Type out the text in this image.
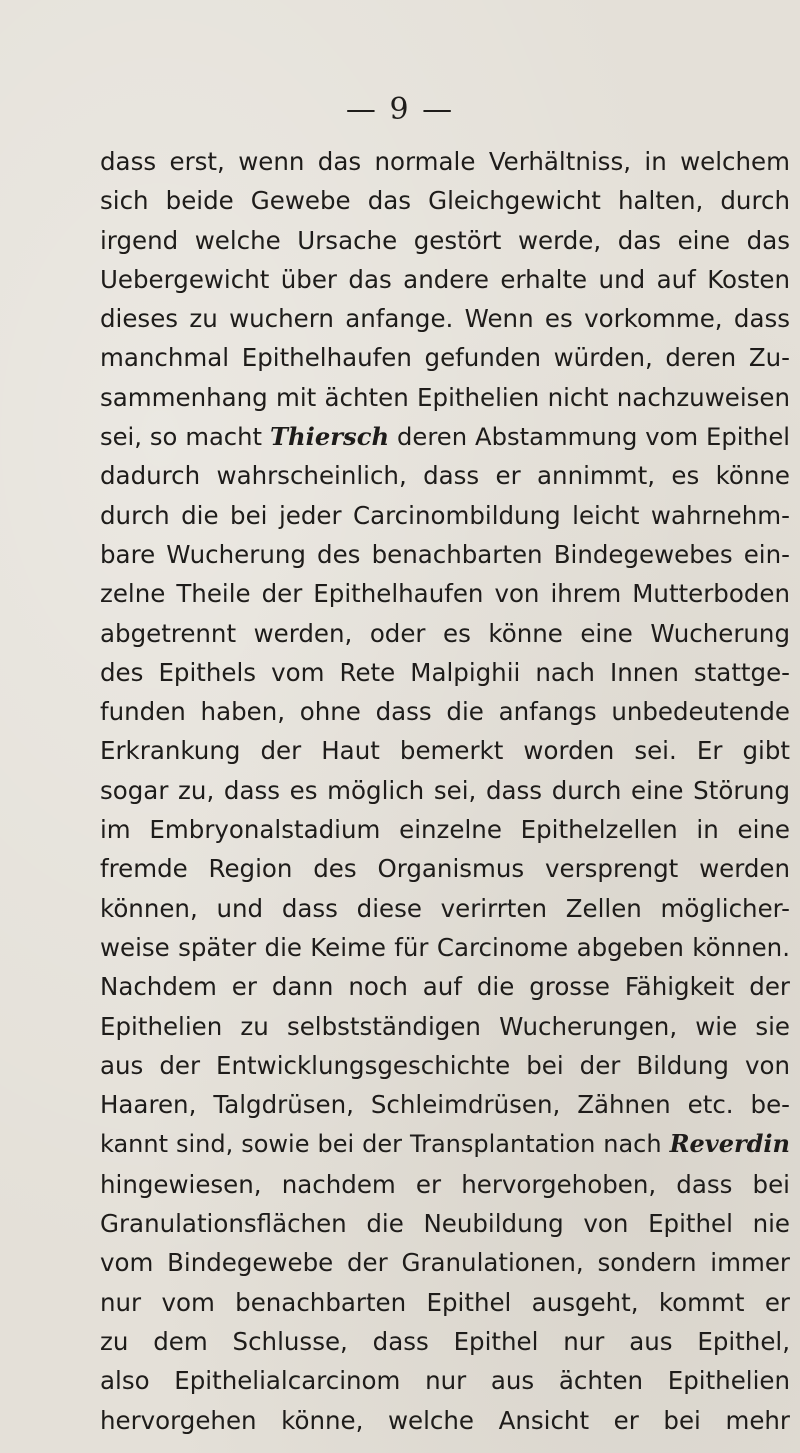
— 9 —
dass erst, wenn das normale Verhältniss, in welchem
sich beide Gewebe das Gleichgewicht halten, durch
irgend welche Ursache gestört werde, das eine das
Uebergewicht über das andere erhalte und auf Kosten
dieses zu wuchern anfange. Wenn es vorkomme, dass
manchmal Epithelhaufen gefunden würden, deren Zu-
sammenhang mit ächten Epithelien nicht nachzuweisen
sei, so macht Thiersch deren Abstammung vom Epithel
dadurch wahrscheinlich, dass er annimmt, es könne
durch die bei jeder Carcinombildung leicht wahrnehm-
bare Wucherung des benachbarten Bindegewebes ein-
zelne Theile der Epithelhaufen von ihrem Mutterboden
abgetrennt werden, oder es könne eine Wucherung
des Epithels vom Rete Malpighii nach Innen stattge-
funden haben, ohne dass die anfangs unbedeutende
Erkrankung der Haut bemerkt worden sei. Er gibt
sogar zu, dass es möglich sei, dass durch eine Störung
im Embryonalstadium einzelne Epithelzellen in eine
fremde Region des Organismus versprengt werden
können, und dass diese verirrten Zellen möglicher-
weise später die Keime für Carcinome abgeben können.
Nachdem er dann noch auf die grosse Fähigkeit der
Epithelien zu selbstständigen Wucherungen, wie sie
aus der Entwicklungsgeschichte bei der Bildung von
Haaren, Talgdrüsen, Schleimdrüsen, Zähnen etc. be-
kannt sind, sowie bei der Transplantation nach Reverdin
hingewiesen, nachdem er hervorgehoben, dass bei
Granulationsflächen die Neubildung von Epithel nie
vom Bindegewebe der Granulationen, sondern immer
nur vom benachbarten Epithel ausgeht, kommt er
zu dem Schlusse, dass Epithel nur aus Epithel,
also Epithelialcarcinom nur aus ächten Epithelien
hervorgehen könne, welche Ansicht er bei mehr
